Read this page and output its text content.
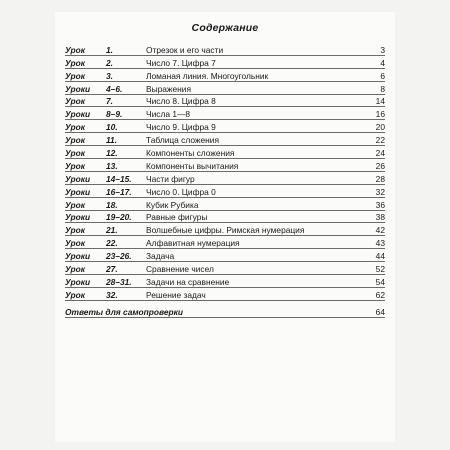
Содержание
Урок	1.	Отрезок и его части	3
Урок	2.	Число 7. Цифра 7	4
Урок	3.	Ломаная линия. Многоугольник	6
Уроки	4–6.	Выражения	8
Урок	7.	Число 8. Цифра 8	14
Уроки	8–9.	Числа 1—8	16
Урок	10.	Число 9. Цифра 9	20
Урок	11.	Таблица сложения	22
Урок	12.	Компоненты сложения	24
Урок	13.	Компоненты вычитания	26
Уроки	14–15.	Части фигур	28
Уроки	16–17.	Число 0. Цифра 0	32
Урок	18.	Кубик Рубика	36
Уроки	19–20.	Равные фигуры	38
Урок	21.	Волшебные цифры. Римская нумерация	42
Урок	22.	Алфавитная нумерация	43
Уроки	23–26.	Задача	44
Урок	27.	Сравнение чисел	52
Уроки	28–31.	Задачи на сравнение	54
Урок	32.	Решение задач	62
Ответы для самопроверки	64
